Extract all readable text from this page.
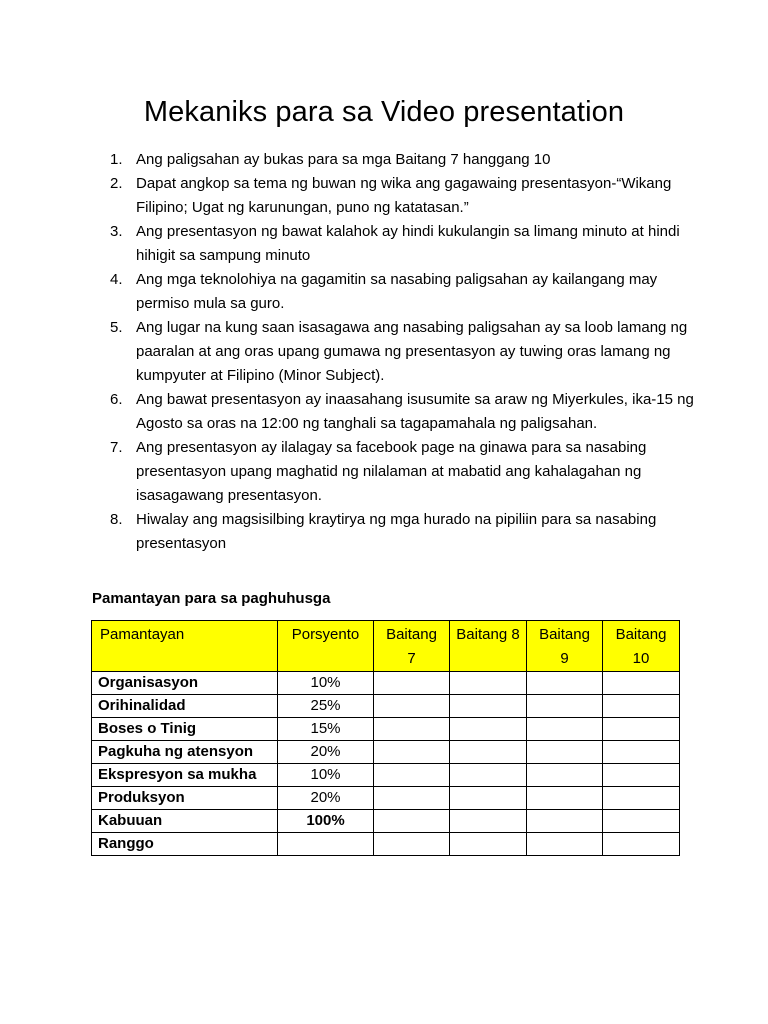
Mekaniks para sa Video presentation
1. Ang paligsahan ay bukas para sa mga Baitang 7 hanggang 10
2. Dapat angkop sa tema ng buwan ng wika ang gagawaing presentasyon-“Wikang Filipino; Ugat ng karunungan, puno ng katatasan.”
3. Ang presentasyon ng bawat kalahok ay hindi kukulangin sa limang minuto at hindi hihigit sa sampung minuto
4. Ang mga teknolohiya na gagamitin sa nasabing paligsahan ay kailangang may permiso mula sa guro.
5. Ang lugar na kung saan isasagawa ang nasabing paligsahan ay sa loob lamang ng paaralan at ang oras upang gumawa ng presentasyon ay tuwing oras lamang ng kumpyuter at Filipino (Minor Subject).
6. Ang bawat presentasyon ay inaasahang isusumite sa araw ng Miyerkules, ika-15 ng Agosto sa oras na 12:00 ng tanghali sa tagapamahala ng paligsahan.
7. Ang presentasyon ay ilalagay sa facebook page na ginawa para sa nasabing presentasyon upang maghatid ng nilalaman at mabatid ang kahalagahan ng isasagawang presentasyon.
8. Hiwalay ang magsisilbing kraytirya ng mga hurado na pipiliin para sa nasabing presentasyon
Pamantayan para sa paghuhusga
Pamantayan	Porsyento	Baitang 7	Baitang 8	Baitang 9	Baitang 10
Organisasyon	10%				
Orihinalidad	25%				
Boses o Tinig	15%				
Pagkuha ng atensyon	20%				
Ekspresyon sa mukha	10%				
Produksyon	20%				
Kabuuan	100%				
Ranggo					
